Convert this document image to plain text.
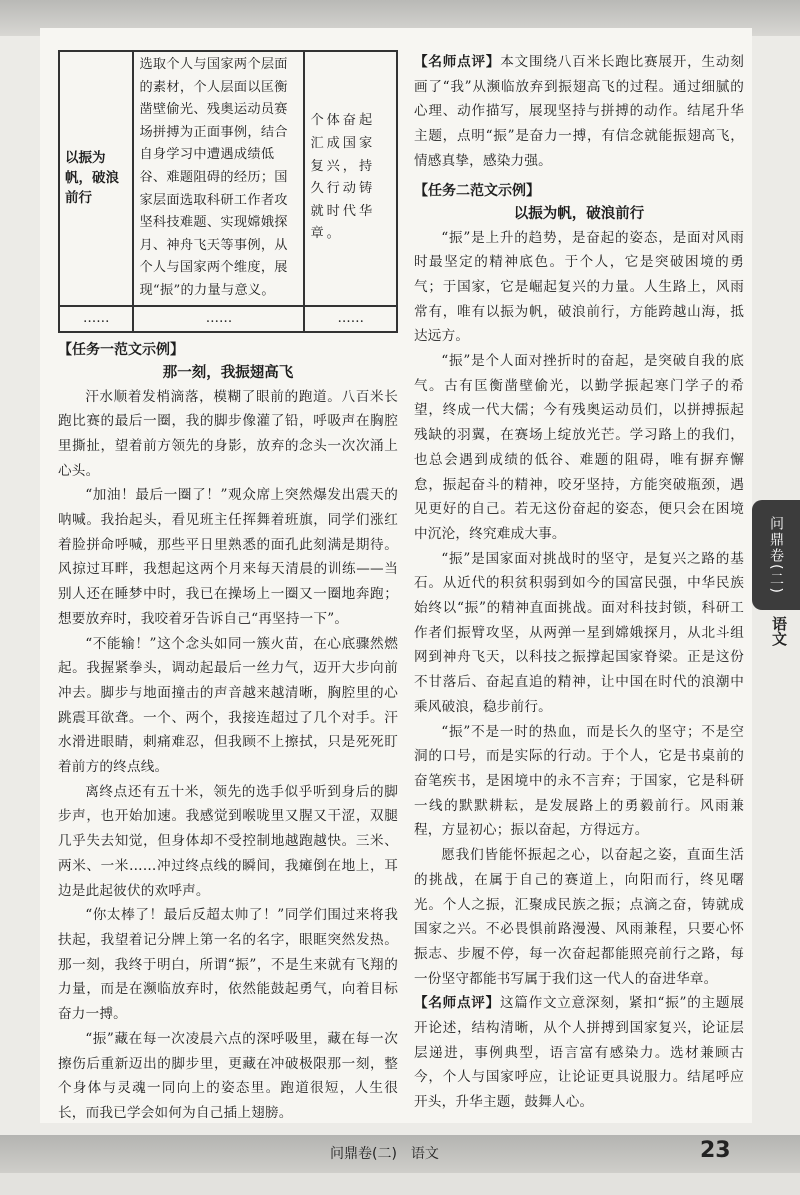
以振为帆，破浪前行	选取个人与国家两个层面的素材，个人层面以匡衡凿壁偷光、残奥运动员赛场拼搏为正面事例，结合自身学习中遭遇成绩低谷、难题阻碍的经历；国家层面选取科研工作者攻坚科技难题、实现嫦娥探月、神舟飞天等事例，从个人与国家两个维度，展现“振”的力量与意义。	个体奋起汇成国家复兴，持久行动铸就时代华章。
……	……	……
【任务一范文示例】
那一刻，我振翅高飞

汗水顺着发梢滴落，模糊了眼前的跑道。八百米长跑比赛的最后一圈，我的脚步像灌了铅，呼吸声在胸腔里撕扯，望着前方领先的身影，放弃的念头一次次涌上心头。

“加油！最后一圈了！”观众席上突然爆发出震天的呐喊。我抬起头，看见班主任挥舞着班旗，同学们涨红着脸拼命呼喊，那些平日里熟悉的面孔此刻满是期待。风掠过耳畔，我想起这两个月来每天清晨的训练——当别人还在睡梦中时，我已在操场上一圈又一圈地奔跑；想要放弃时，我咬着牙告诉自己“再坚持一下”。

“不能输！”这个念头如同一簇火苗，在心底骤然燃起。我握紧拳头，调动起最后一丝力气，迈开大步向前冲去。脚步与地面撞击的声音越来越清晰，胸腔里的心跳震耳欲聋。一个、两个，我接连超过了几个对手。汗水滑进眼睛，刺痛难忍，但我顾不上擦拭，只是死死盯着前方的终点线。

离终点还有五十米，领先的选手似乎听到身后的脚步声，也开始加速。我感觉到喉咙里又腥又干涩，双腿几乎失去知觉，但身体却不受控制地越跑越快。三米、两米、一米……冲过终点线的瞬间，我瘫倒在地上，耳边是此起彼伏的欢呼声。

“你太棒了！最后反超太帅了！”同学们围过来将我扶起，我望着记分牌上第一名的名字，眼眶突然发热。那一刻，我终于明白，所谓“振”，不是生来就有飞翔的力量，而是在濒临放弃时，依然能鼓起勇气，向着目标奋力一搏。

“振”藏在每一次凌晨六点的深呼吸里，藏在每一次擦伤后重新迈出的脚步里，更藏在冲破极限那一刻，整个身体与灵魂一同向上的姿态里。跑道很短，人生很长，而我已学会如何为自己插上翅膀。

【名师点评】本文围绕八百米长跑比赛展开，生动刻画了“我”从濒临放弃到振翅高飞的过程。通过细腻的心理、动作描写，展现坚持与拼搏的动作。结尾升华主题，点明“振”是奋力一搏，有信念就能振翅高飞，情感真挚，感染力强。

【任务二范文示例】
以振为帆，破浪前行

“振”是上升的趋势，是奋起的姿态，是面对风雨时最坚定的精神底色。于个人，它是突破困境的勇气；于国家，它是崛起复兴的力量。人生路上，风雨常有，唯有以振为帆，破浪前行，方能跨越山海，抵达远方。

“振”是个人面对挫折时的奋起，是突破自我的底气。古有匡衡凿壁偷光，以勤学振起寒门学子的希望，终成一代大儒；今有残奥运动员们，以拼搏振起残缺的羽翼，在赛场上绽放光芒。学习路上的我们，也总会遇到成绩的低谷、难题的阻碍，唯有摒弃懈怠，振起奋斗的精神，咬牙坚持，方能突破瓶颈，遇见更好的自己。若无这份奋起的姿态，便只会在困境中沉沦，终究难成大事。

“振”是国家面对挑战时的坚守，是复兴之路的基石。从近代的积贫积弱到如今的国富民强，中华民族始终以“振”的精神直面挑战。面对科技封锁，科研工作者们振臂攻坚，从两弹一星到嫦娥探月，从北斗组网到神舟飞天，以科技之振撑起国家脊梁。正是这份不甘落后、奋起直追的精神，让中国在时代的浪潮中乘风破浪，稳步前行。

“振”不是一时的热血，而是长久的坚守；不是空洞的口号，而是实际的行动。于个人，它是书桌前的奋笔疾书，是困境中的永不言弃；于国家，它是科研一线的默默耕耘，是发展路上的勇毅前行。风雨兼程，方显初心；振以奋起，方得远方。

愿我们皆能怀振起之心，以奋起之姿，直面生活的挑战，在属于自己的赛道上，向阳而行，终见曙光。个人之振，汇聚成民族之振；点滴之奋，铸就成国家之兴。不必畏惧前路漫漫、风雨兼程，只要心怀振志、步履不停，每一次奋起都能照亮前行之路，每一份坚守都能书写属于我们这一代人的奋进华章。

【名师点评】这篇作文立意深刻，紧扣“振”的主题展开论述，结构清晰，从个人拼搏到国家复兴，论证层层递进，事例典型，语言富有感染力。选材兼顾古今，个人与国家呼应，让论证更具说服力。结尾呼应开头，升华主题，鼓舞人心。

问鼎卷(二)
语文
问鼎卷(二)　语文	23
